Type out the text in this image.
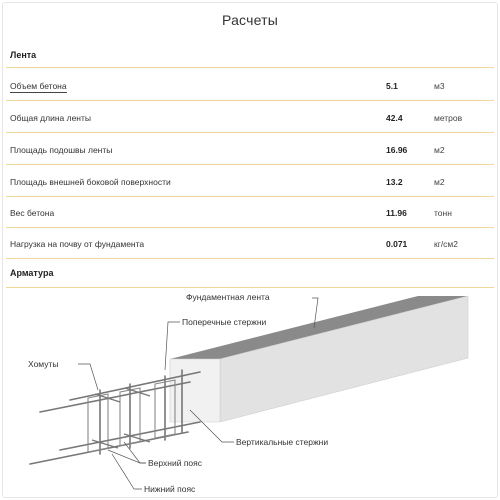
Расчеты
Лента
Объем бетона	5.1	м3
Общая длина ленты	42.4	метров
Площадь подошвы ленты	16.96	м2
Площадь внешней боковой поверхности	13.2	м2
Вес бетона	11.96	тонн
Нагрузка на почву от фундамента	0.071	кг/см2
Арматура
Фундаментная лента
Поперечные стержни
Хомуты
Вертикальные стержни
Верхний пояс
Нижний пояс
